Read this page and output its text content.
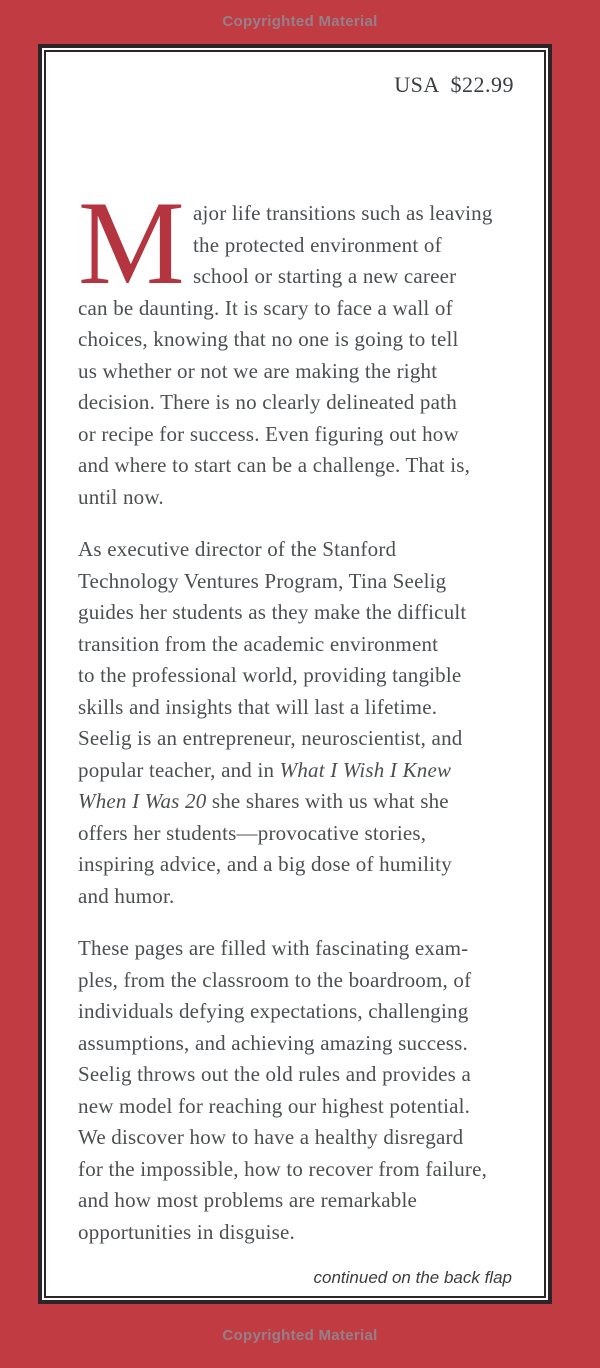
Copyrighted Material
USA $22.99
M ajor life transitions such as leaving
the protected environment of
school or starting a new career
can be daunting. It is scary to face a wall of
choices, knowing that no one is going to tell
us whether or not we are making the right
decision. There is no clearly delineated path
or recipe for success. Even figuring out how
and where to start can be a challenge. That is,
until now.
As executive director of the Stanford
Technology Ventures Program, Tina Seelig
guides her students as they make the difficult
transition from the academic environment
to the professional world, providing tangible
skills and insights that will last a lifetime.
Seelig is an entrepreneur, neuroscientist, and
popular teacher, and in What I Wish I Knew
When I Was 20 she shares with us what she
offers her students—provocative stories,
inspiring advice, and a big dose of humility
and humor.
These pages are filled with fascinating exam-
ples, from the classroom to the boardroom, of
individuals defying expectations, challenging
assumptions, and achieving amazing success.
Seelig throws out the old rules and provides a
new model for reaching our highest potential.
We discover how to have a healthy disregard
for the impossible, how to recover from failure,
and how most problems are remarkable
opportunities in disguise.
continued on the back flap
Copyrighted Material
